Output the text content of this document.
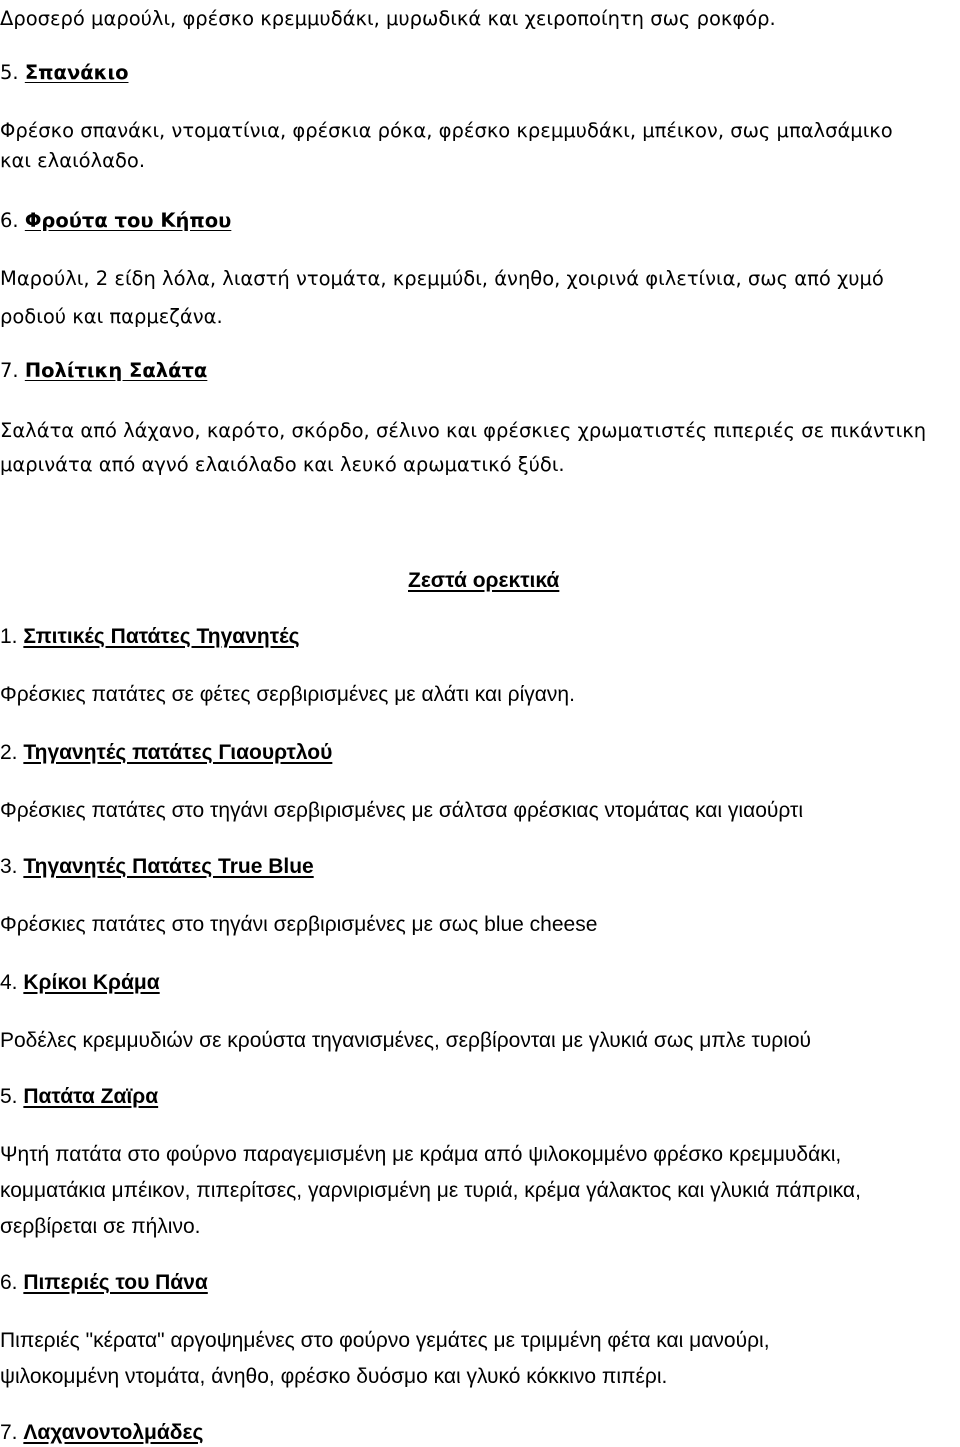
Δροσερό μαρούλι, φρέσκο κρεμμυδάκι, μυρωδικά και χειροποίητη σως ροκφόρ.

5. Σπανάκιο

Φρέσκο σπανάκι, ντοματίνια, φρέσκια ρόκα, φρέσκο κρεμμυδάκι, μπέικον, σως μπαλσάμικο

και ελαιόλαδο.

6. Φρούτα του Κήπου

Μαρούλι, 2 είδη λόλα, λιαστή ντομάτα, κρεμμύδι, άνηθο, χοιρινά φιλετίνια, σως από χυμό

ροδιού και παρμεζάνα.

7. Πολίτικη Σαλάτα

Σαλάτα από λάχανο, καρότο, σκόρδο, σέλινο και φρέσκιες χρωματιστές πιπεριές σε πικάντικη

μαρινάτα από αγνό ελαιόλαδο και λευκό αρωματικό ξύδι.

Ζεστά ορεκτικά

1. Σπιτικές Πατάτες Τηγανητές

Φρέσκιες πατάτες σε φέτες σερβιρισμένες με αλάτι και ρίγανη.

2. Τηγανητές πατάτες Γιαουρτλού

Φρέσκιες πατάτες στο τηγάνι σερβιρισμένες με σάλτσα φρέσκιας ντομάτας και γιαούρτι

3. Τηγανητές Πατάτες True Blue

Φρέσκιες πατάτες στο τηγάνι σερβιρισμένες με σως blue cheese

4. Κρίκοι Κράμα

Ροδέλες κρεμμυδιών σε κρούστα τηγανισμένες, σερβίρονται με γλυκιά σως μπλε τυριού

5. Πατάτα Ζαϊρα

Ψητή πατάτα στο φούρνο παραγεμισμένη με κράμα από ψιλοκομμένο φρέσκο κρεμμυδάκι,

κομματάκια μπέικον, πιπερίτσες, γαρνιρισμένη με τυριά, κρέμα γάλακτος και γλυκιά πάπρικα,

σερβίρεται σε πήλινο.

6. Πιπεριές του Πάνα

Πιπεριές "κέρατα" αργοψημένες στο φούρνο γεμάτες με τριμμένη φέτα και μανούρι,

ψιλοκομμένη ντομάτα, άνηθο, φρέσκο δυόσμο και γλυκό κόκκινο πιπέρι.

7. Λαχανοντολμάδες
